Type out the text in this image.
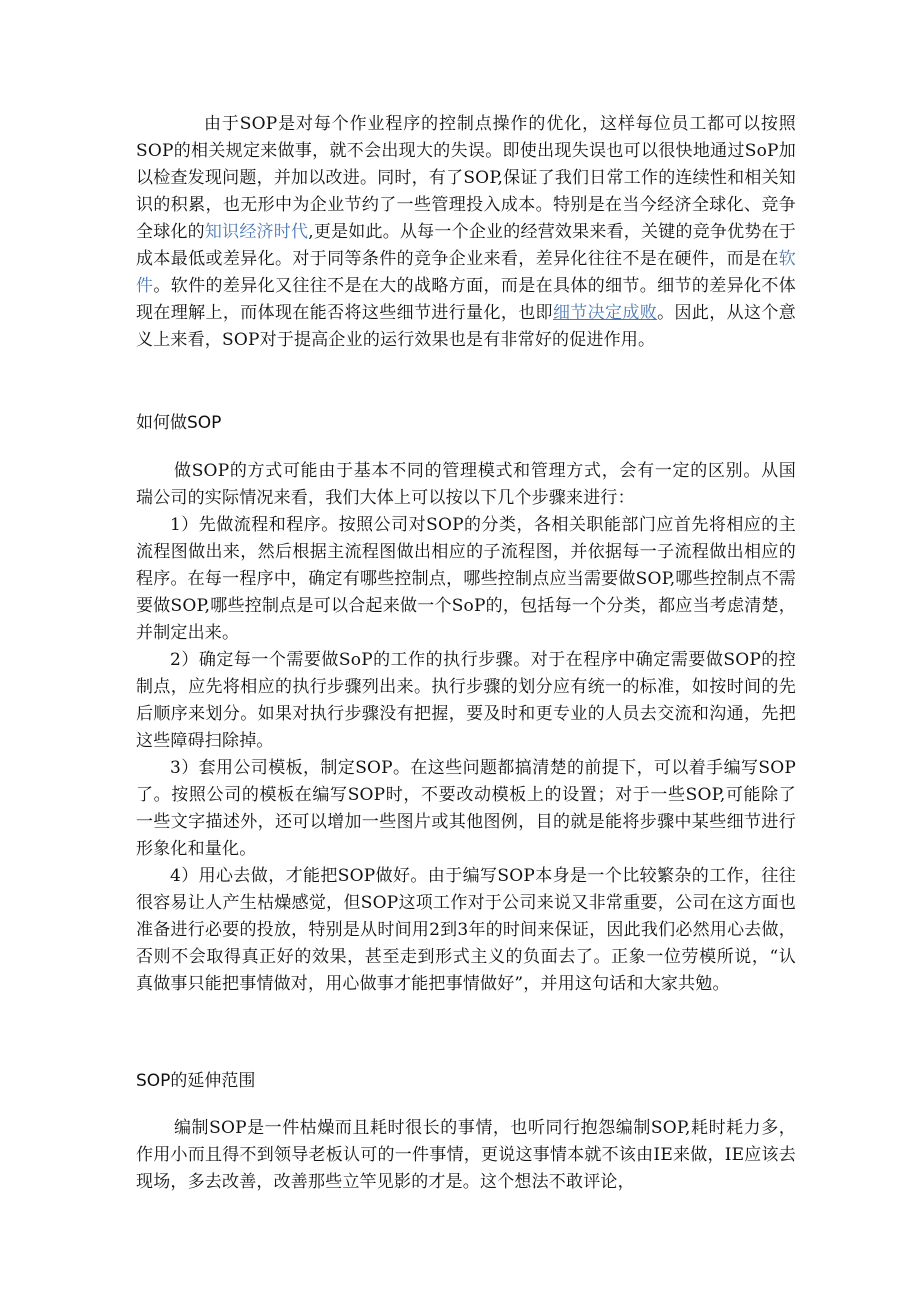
由于SOP是对每个作业程序的控制点操作的优化，这样每位员工都可以按照SOP的相关规定来做事，就不会出现大的失误。即使出现失误也可以很快地通过SoP加以检查发现问题，并加以改进。同时，有了SOP,保证了我们日常工作的连续性和相关知识的积累，也无形中为企业节约了一些管理投入成本。特别是在当今经济全球化、竞争全球化的知识经济时代,更是如此。从每一个企业的经营效果来看，关键的竞争优势在于成本最低或差异化。对于同等条件的竞争企业来看，差异化往往不是在硬件，而是在软件。软件的差异化又往往不是在大的战略方面，而是在具体的细节。细节的差异化不体现在理解上，而体现在能否将这些细节进行量化，也即细节决定成败。因此，从这个意义上来看，SOP对于提高企业的运行效果也是有非常好的促进作用。

如何做SOP

做SOP的方式可能由于基本不同的管理模式和管理方式，会有一定的区别。从国瑞公司的实际情况来看，我们大体上可以按以下几个步骤来进行：

1）先做流程和程序。按照公司对SOP的分类，各相关职能部门应首先将相应的主流程图做出来，然后根据主流程图做出相应的子流程图，并依据每一子流程做出相应的程序。在每一程序中，确定有哪些控制点，哪些控制点应当需要做SOP,哪些控制点不需要做SOP,哪些控制点是可以合起来做一个SoP的，包括每一个分类，都应当考虑清楚，并制定出来。

2）确定每一个需要做SoP的工作的执行步骤。对于在程序中确定需要做SOP的控制点，应先将相应的执行步骤列出来。执行步骤的划分应有统一的标准，如按时间的先后顺序来划分。如果对执行步骤没有把握，要及时和更专业的人员去交流和沟通，先把这些障碍扫除掉。

3）套用公司模板，制定SOP。在这些问题都搞清楚的前提下，可以着手编写SOP了。按照公司的模板在编写SOP时，不要改动模板上的设置；对于一些SOP,可能除了一些文字描述外，还可以增加一些图片或其他图例，目的就是能将步骤中某些细节进行形象化和量化。

4）用心去做，才能把SOP做好。由于编写SOP本身是一个比较繁杂的工作，往往很容易让人产生枯燥感觉，但SOP这项工作对于公司来说又非常重要，公司在这方面也准备进行必要的投放，特别是从时间用2到3年的时间来保证，因此我们必然用心去做，否则不会取得真正好的效果，甚至走到形式主义的负面去了。正象一位劳模所说，“认真做事只能把事情做对，用心做事才能把事情做好”，并用这句话和大家共勉。

SOP的延伸范围

编制SOP是一件枯燥而且耗时很长的事情，也听同行抱怨编制SOP,耗时耗力多，作用小而且得不到领导老板认可的一件事情，更说这事情本就不该由IE来做，IE应该去现场，多去改善，改善那些立竿见影的才是。这个想法不敢评论，
